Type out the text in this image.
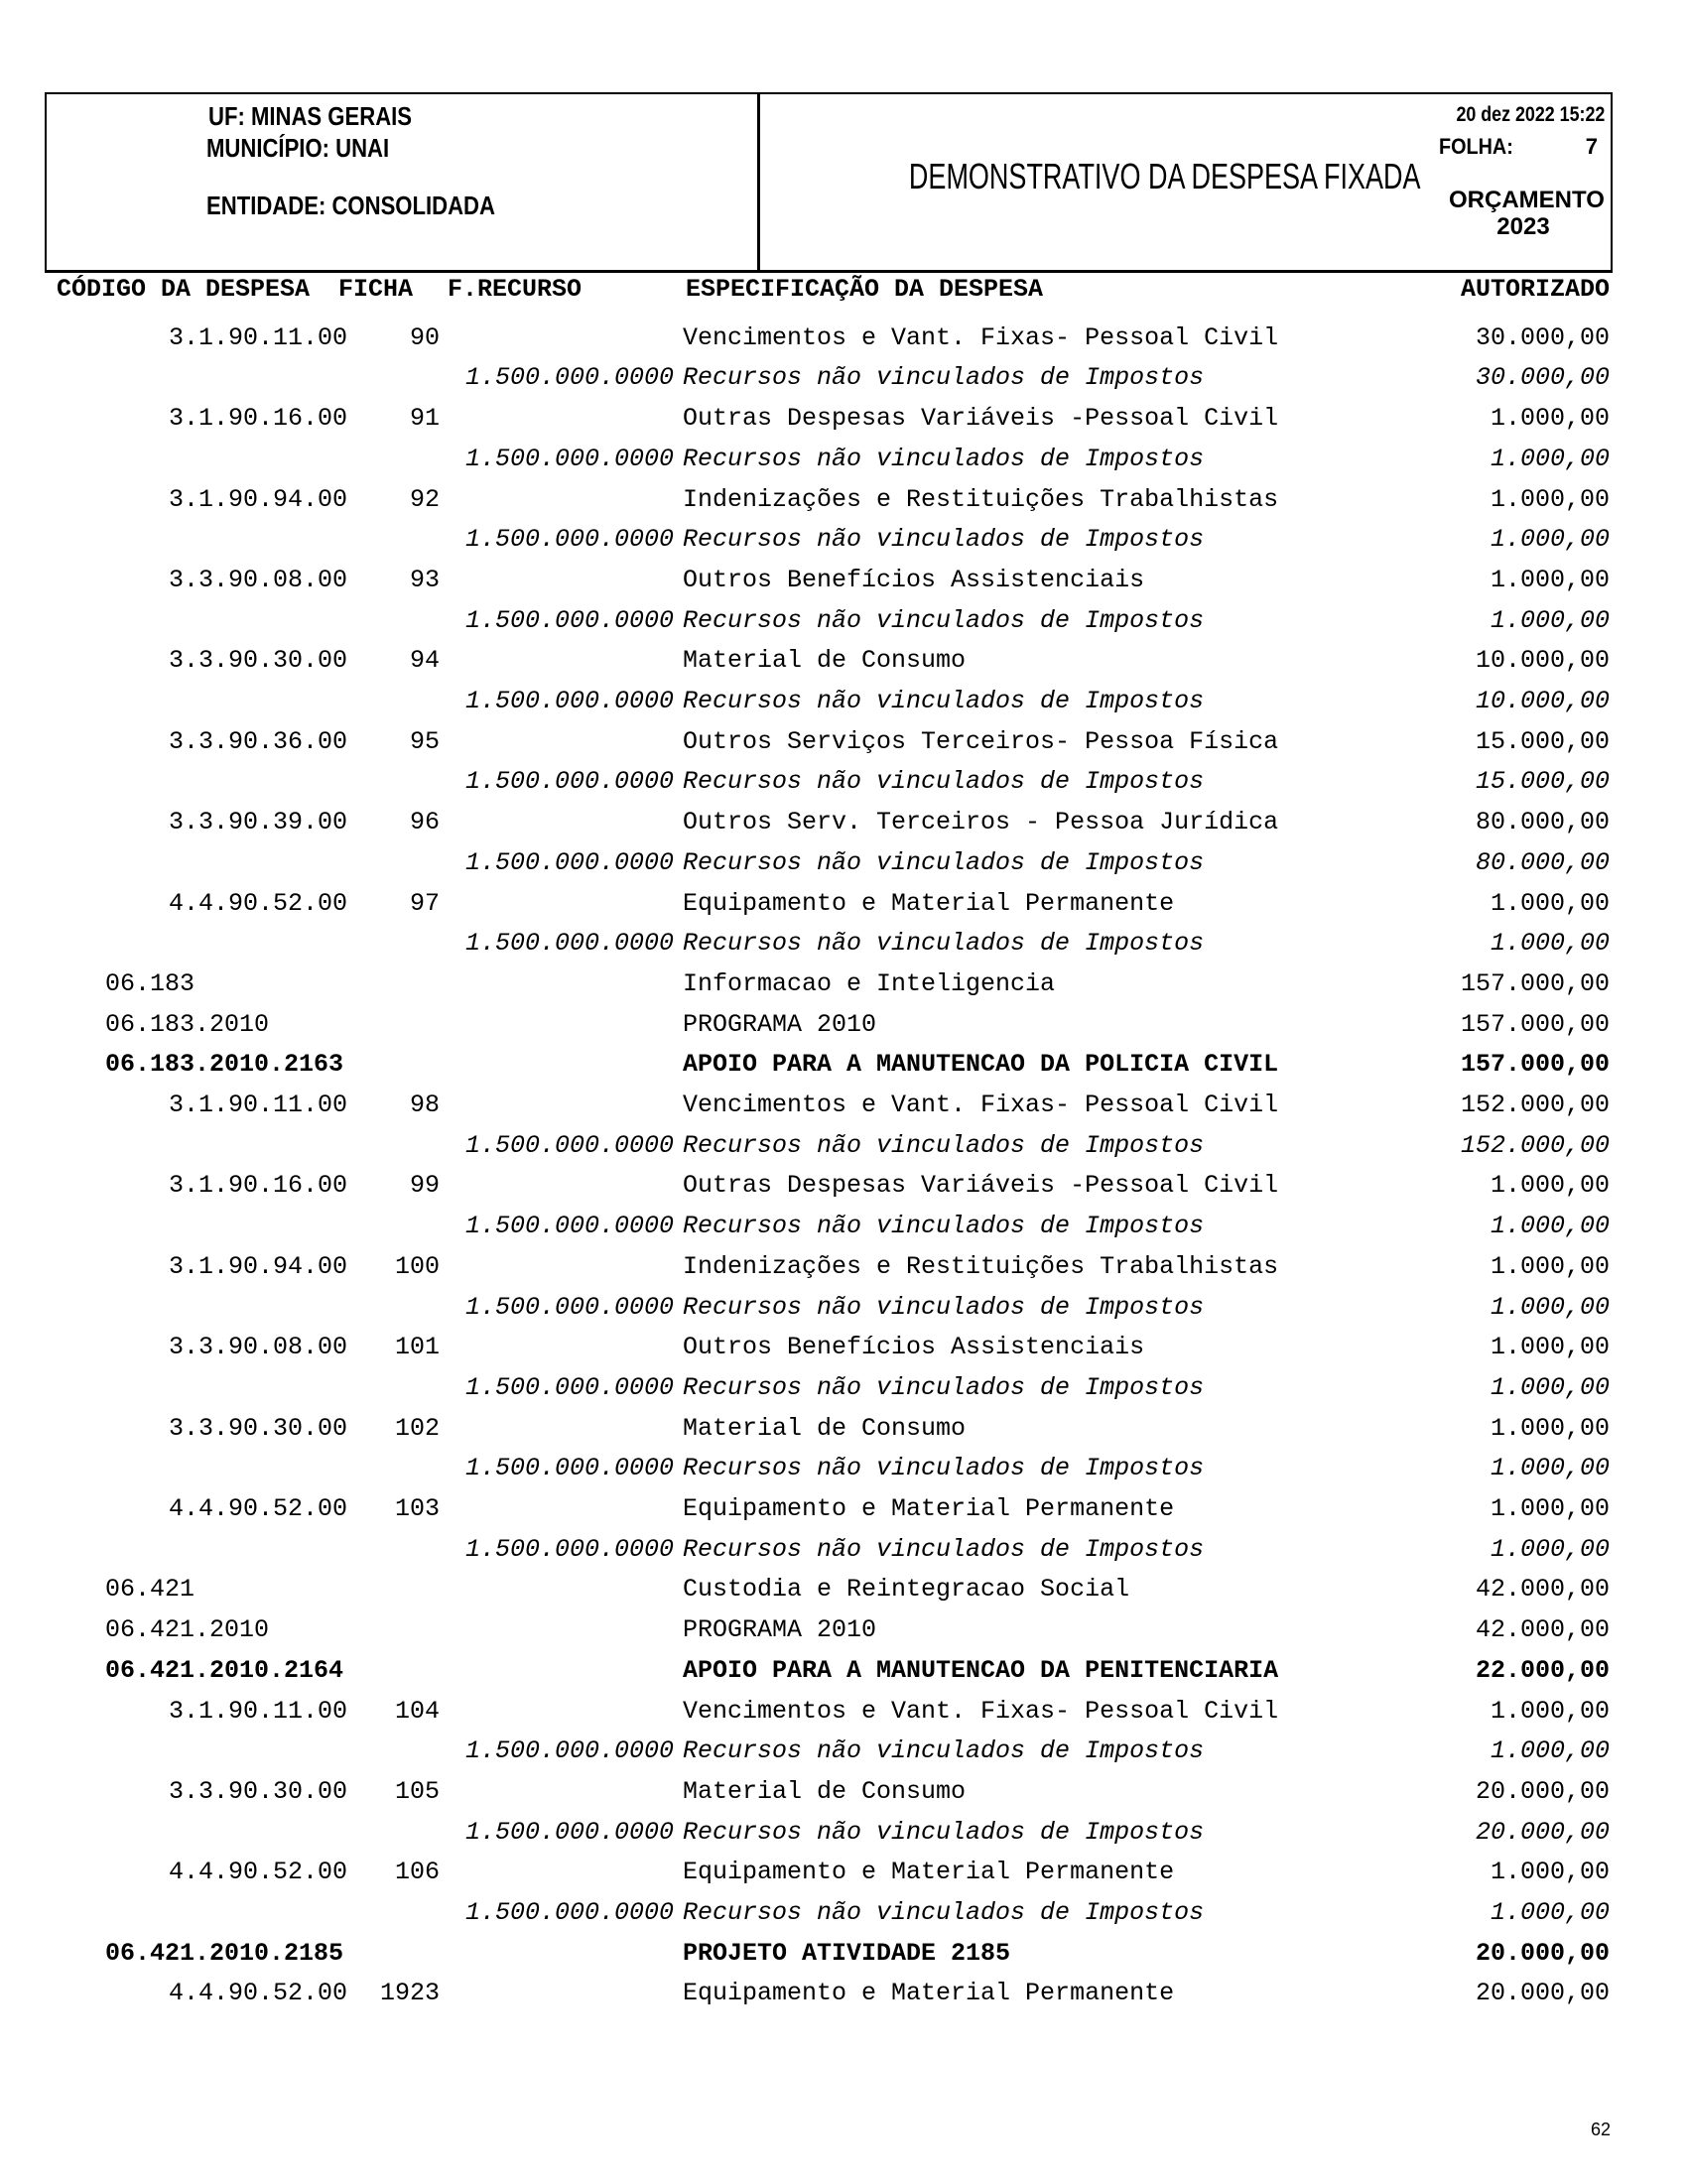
UF: MINAS GERAIS
MUNICÍPIO: UNAI
ENTIDADE: CONSOLIDADA
DEMONSTRATIVO DA DESPESA FIXADA
20 dez 2022 15:22
FOLHA:	7
ORÇAMENTO
2023
CÓDIGO DA DESPESA FICHA F.RECURSO	ESPECIFICAÇÃO DA DESPESA	AUTORIZADO
3.1.90.11.00	90	Vencimentos e Vant. Fixas- Pessoal Civil	30.000,00
1.500.000.0000 Recursos não vinculados de Impostos	30.000,00
3.1.90.16.00	91	Outras Despesas Variáveis -Pessoal Civil	1.000,00
1.500.000.0000 Recursos não vinculados de Impostos	1.000,00
3.1.90.94.00	92	Indenizações e Restituições Trabalhistas	1.000,00
1.500.000.0000 Recursos não vinculados de Impostos	1.000,00
3.3.90.08.00	93	Outros Benefícios Assistenciais	1.000,00
1.500.000.0000 Recursos não vinculados de Impostos	1.000,00
3.3.90.30.00	94	Material de Consumo	10.000,00
1.500.000.0000 Recursos não vinculados de Impostos	10.000,00
3.3.90.36.00	95	Outros Serviços Terceiros- Pessoa Física	15.000,00
1.500.000.0000 Recursos não vinculados de Impostos	15.000,00
3.3.90.39.00	96	Outros Serv. Terceiros - Pessoa Jurídica	80.000,00
1.500.000.0000 Recursos não vinculados de Impostos	80.000,00
4.4.90.52.00	97	Equipamento e Material Permanente	1.000,00
1.500.000.0000 Recursos não vinculados de Impostos	1.000,00
06.183	Informacao e Inteligencia	157.000,00
06.183.2010	PROGRAMA 2010	157.000,00
06.183.2010.2163	APOIO PARA A MANUTENCAO DA POLICIA CIVIL	157.000,00
3.1.90.11.00	98	Vencimentos e Vant. Fixas- Pessoal Civil	152.000,00
1.500.000.0000 Recursos não vinculados de Impostos	152.000,00
3.1.90.16.00	99	Outras Despesas Variáveis -Pessoal Civil	1.000,00
1.500.000.0000 Recursos não vinculados de Impostos	1.000,00
3.1.90.94.00	100	Indenizações e Restituições Trabalhistas	1.000,00
1.500.000.0000 Recursos não vinculados de Impostos	1.000,00
3.3.90.08.00	101	Outros Benefícios Assistenciais	1.000,00
1.500.000.0000 Recursos não vinculados de Impostos	1.000,00
3.3.90.30.00	102	Material de Consumo	1.000,00
1.500.000.0000 Recursos não vinculados de Impostos	1.000,00
4.4.90.52.00	103	Equipamento e Material Permanente	1.000,00
1.500.000.0000 Recursos não vinculados de Impostos	1.000,00
06.421	Custodia e Reintegracao Social	42.000,00
06.421.2010	PROGRAMA 2010	42.000,00
06.421.2010.2164	APOIO PARA A MANUTENCAO DA PENITENCIARIA	22.000,00
3.1.90.11.00	104	Vencimentos e Vant. Fixas- Pessoal Civil	1.000,00
1.500.000.0000 Recursos não vinculados de Impostos	1.000,00
3.3.90.30.00	105	Material de Consumo	20.000,00
1.500.000.0000 Recursos não vinculados de Impostos	20.000,00
4.4.90.52.00	106	Equipamento e Material Permanente	1.000,00
1.500.000.0000 Recursos não vinculados de Impostos	1.000,00
06.421.2010.2185	PROJETO ATIVIDADE 2185	20.000,00
4.4.90.52.00	1923	Equipamento e Material Permanente	20.000,00
62
